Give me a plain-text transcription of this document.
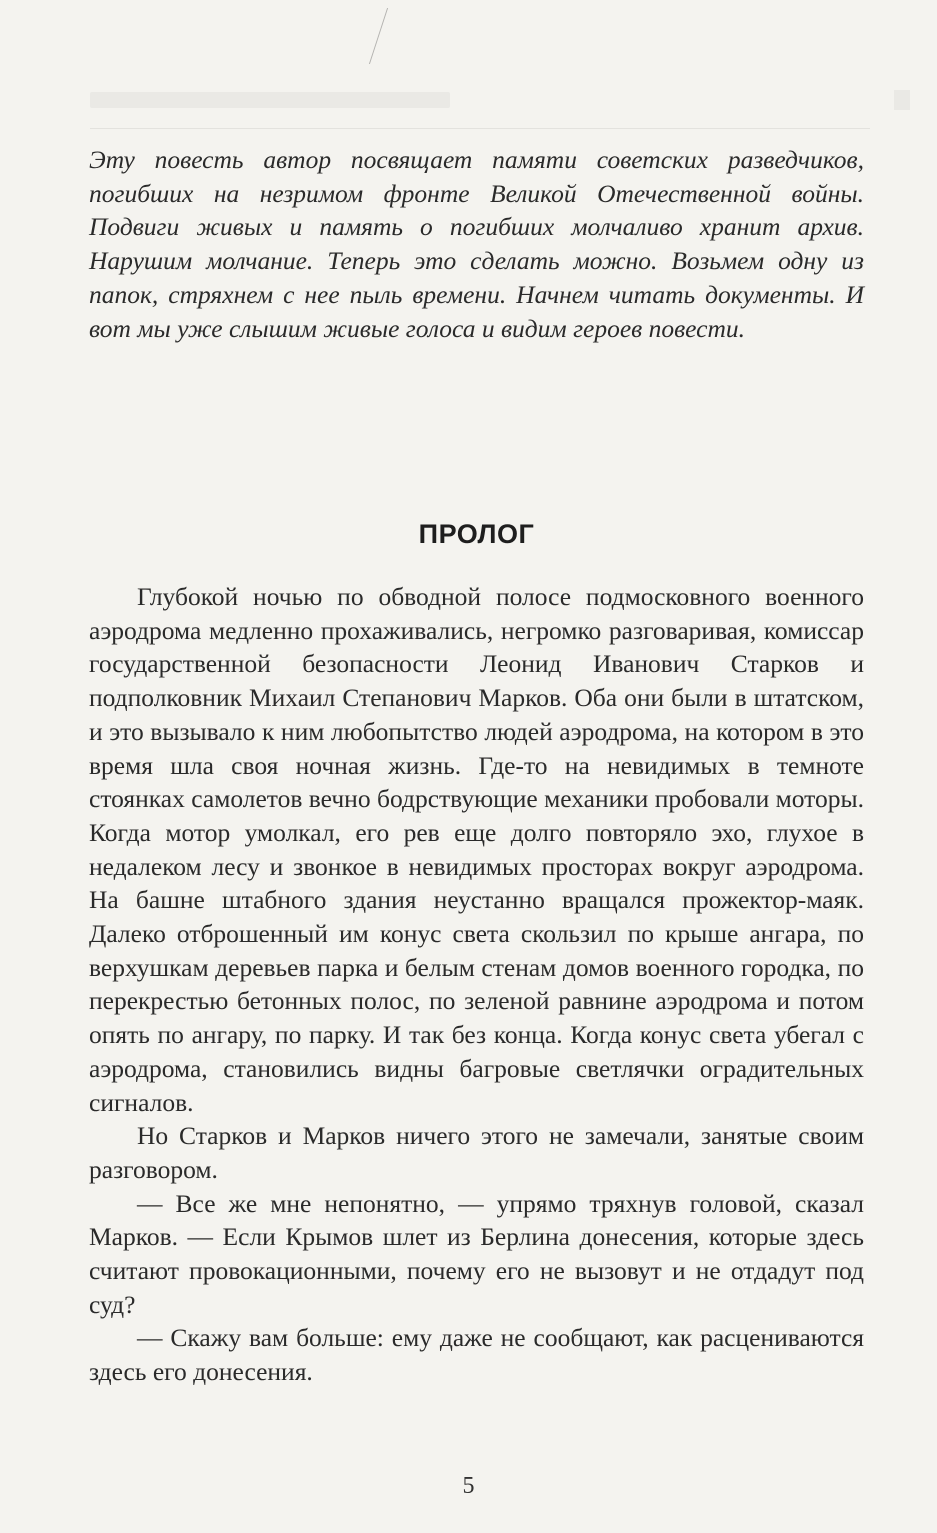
Эту повесть автор посвящает памяти советских разведчиков, погибших на незримом фронте Великой Отечественной войны. Подвиги живых и память о погибших молчаливо хранит архив. Нарушим молчание. Теперь это сделать можно. Возьмем одну из папок, стряхнем с нее пыль времени. Начнем читать документы. И вот мы уже слышим живые голоса и видим героев повести.

ПРОЛОГ

Глубокой ночью по обводной полосе подмосковного военного аэродрома медленно прохаживались, негромко разговаривая, комиссар государственной безопасности Леонид Иванович Старков и подполковник Михаил Степанович Марков. Оба они были в штатском, и это вызывало к ним любопытство людей аэродрома, на котором в это время шла своя ночная жизнь. Где-то на невидимых в темноте стоянках самолетов вечно бодрствующие механики пробовали моторы. Когда мотор умолкал, его рев еще долго повторяло эхо, глухое в недалеком лесу и звонкое в невидимых просторах вокруг аэродрома. На башне штабного здания неустанно вращался прожектор-маяк. Далеко отброшенный им конус света скользил по крыше ангара, по верхушкам деревьев парка и белым стенам домов военного городка, по перекрестью бетонных полос, по зеленой равнине аэродрома и потом опять по ангару, по парку. И так без конца. Когда конус света убегал с аэродрома, становились видны багровые светлячки оградительных сигналов.

Но Старков и Марков ничего этого не замечали, занятые своим разговором.

— Все же мне непонятно, — упрямо тряхнув головой, сказал Марков. — Если Крымов шлет из Берлина донесения, которые здесь считают провокационными, почему его не вызовут и не отдадут под суд?

— Скажу вам больше: ему даже не сообщают, как расцениваются здесь его донесения.

5
